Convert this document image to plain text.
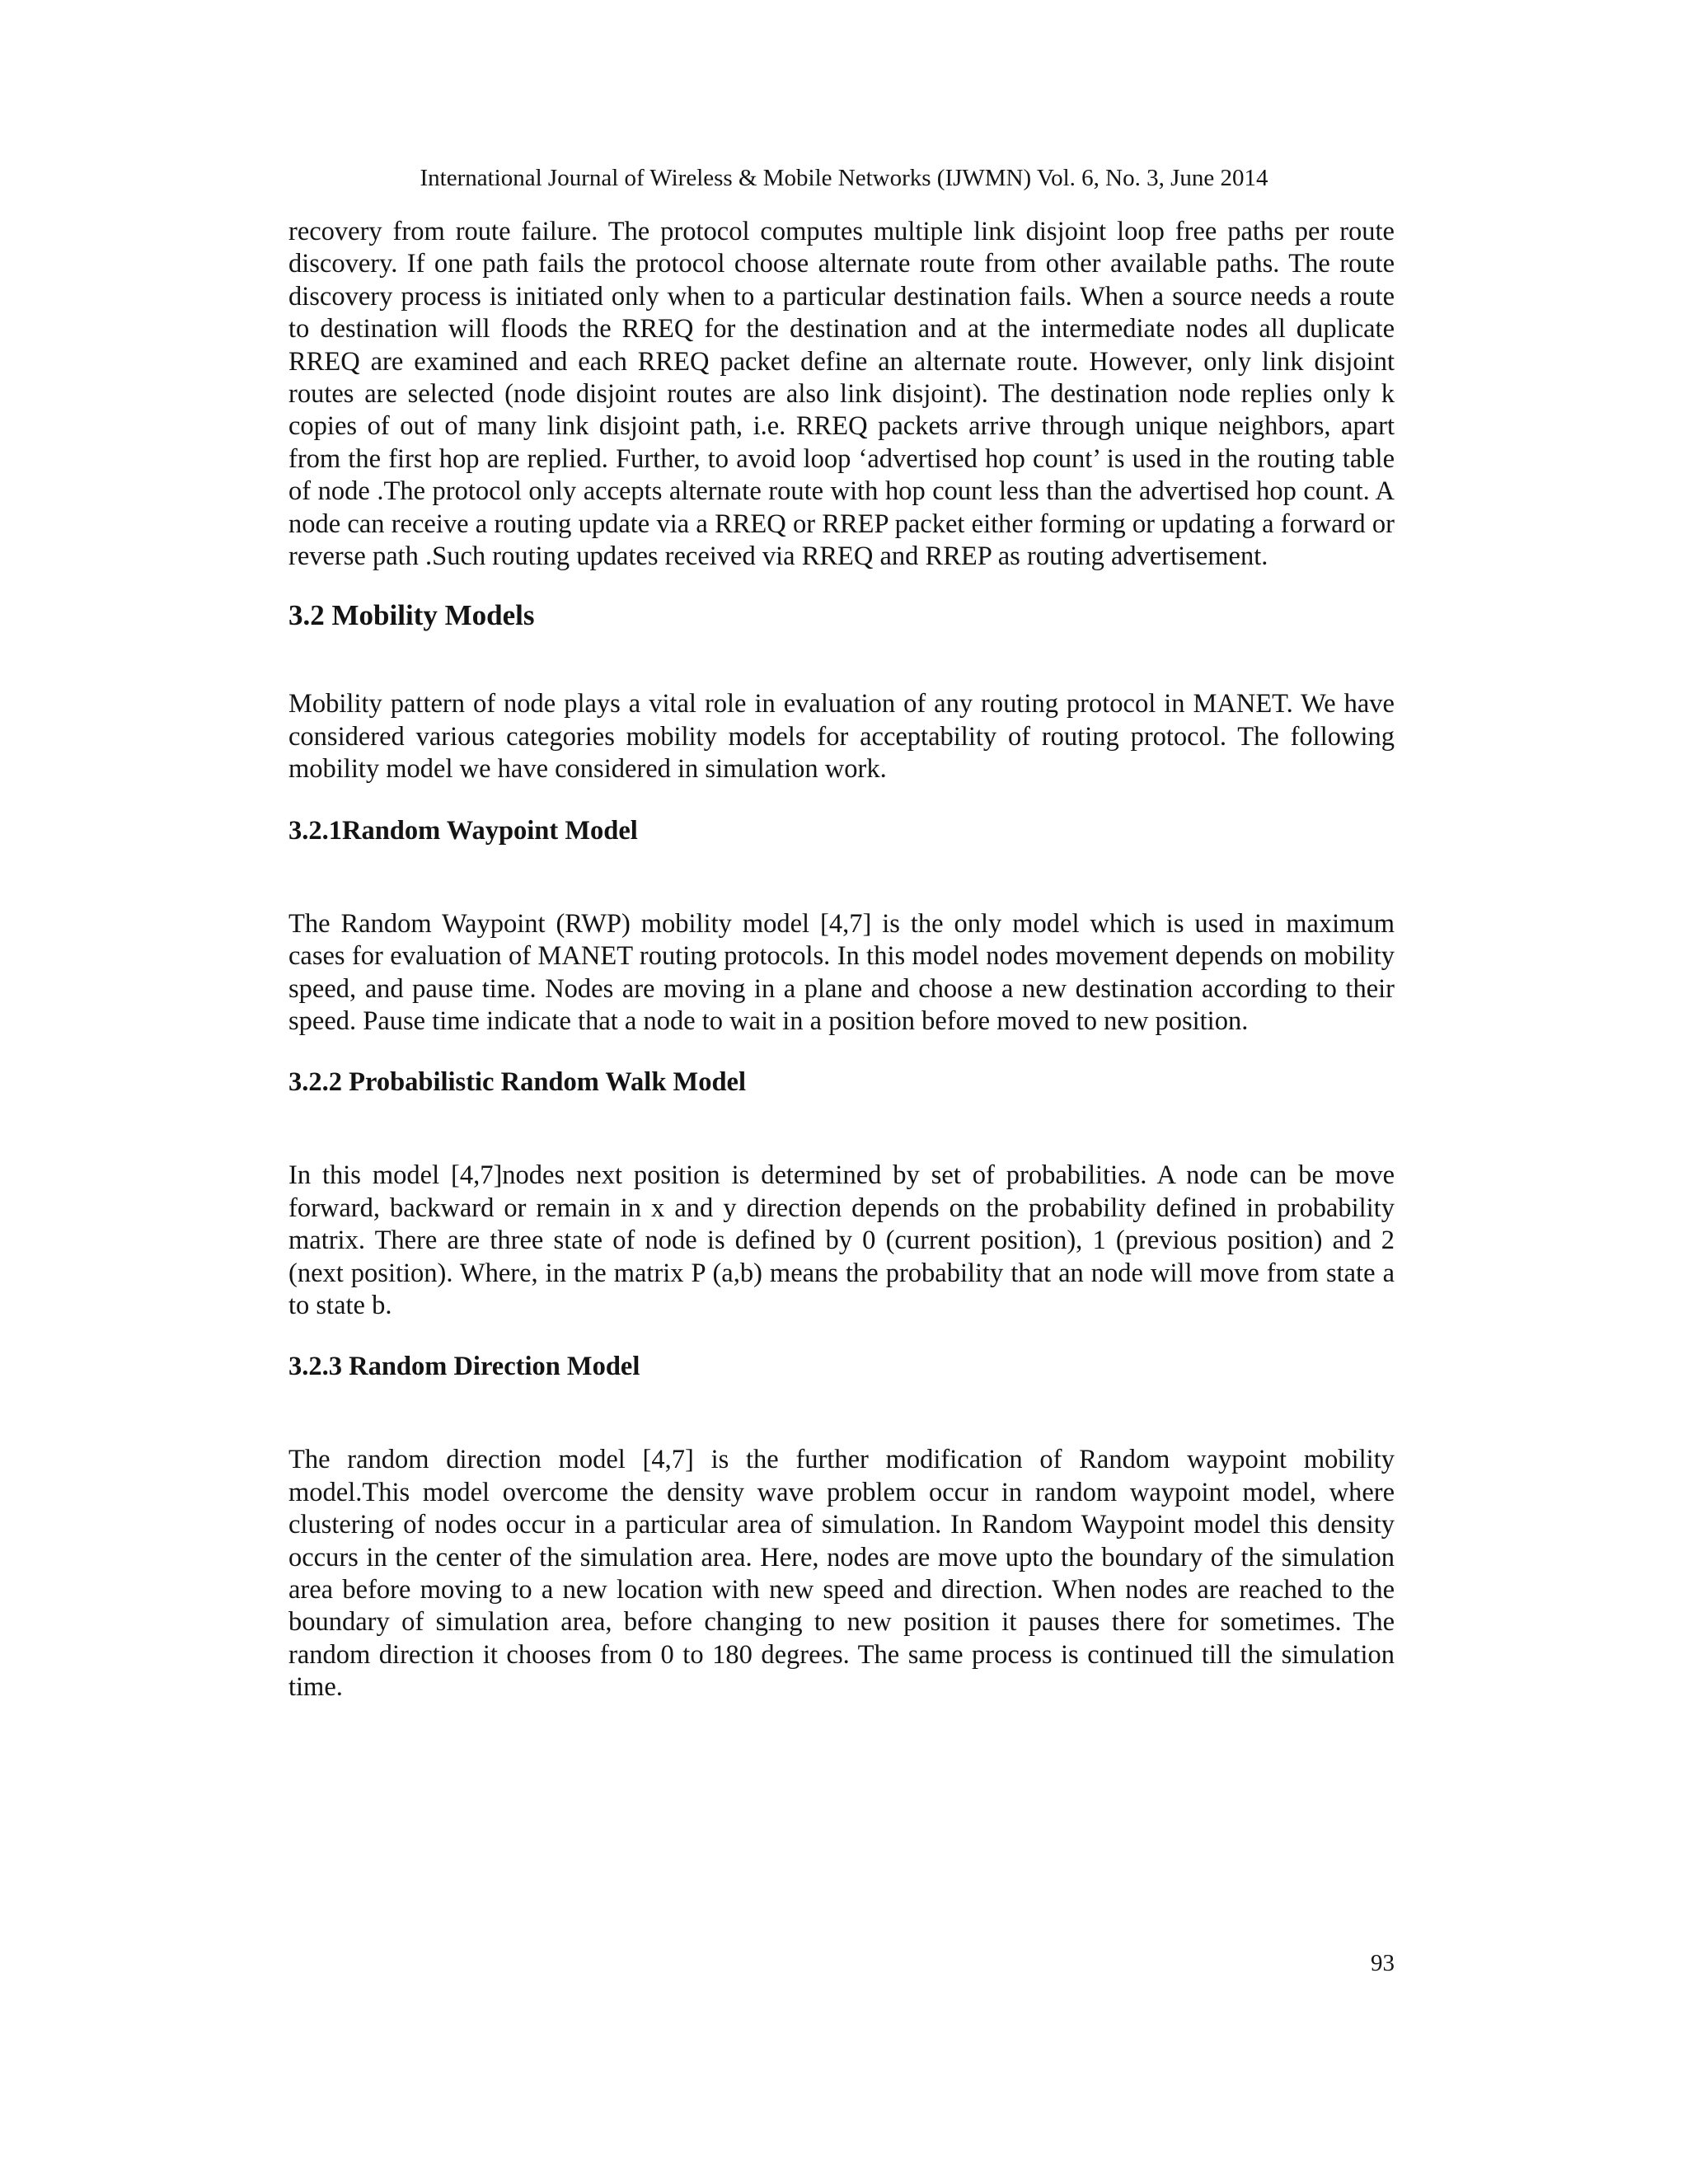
International Journal of Wireless & Mobile Networks (IJWMN) Vol. 6, No. 3, June 2014

recovery from route failure. The protocol computes multiple link disjoint loop free paths per route discovery. If one path fails the protocol choose alternate route from other available paths. The route discovery process is initiated only when to a particular destination fails. When a source needs a route to destination will floods the RREQ for the destination and at the intermediate nodes all duplicate RREQ are examined and each RREQ packet define an alternate route. However, only link disjoint routes are selected (node disjoint routes are also link disjoint). The destination node replies only k copies of out of many link disjoint path, i.e. RREQ packets arrive through unique neighbors, apart from the first hop are replied. Further, to avoid loop ‘advertised hop count’ is used in the routing table of node .The protocol only accepts alternate route with hop count less than the advertised hop count. A node can receive a routing update via a RREQ or RREP packet either forming or updating a forward or reverse path .Such routing updates received via RREQ and RREP as routing advertisement.

3.2 Mobility Models

Mobility pattern of node plays a vital role in evaluation of any routing protocol in MANET. We have considered various categories mobility models for acceptability of routing protocol. The following mobility model we have considered in simulation work.

3.2.1Random Waypoint Model

The Random Waypoint (RWP) mobility model [4,7] is the only model which is used in maximum cases for evaluation of MANET routing protocols. In this model nodes movement depends on mobility speed, and pause time. Nodes are moving in a plane and choose a new destination according to their speed. Pause time indicate that a node to wait in a position before moved to new position.

3.2.2 Probabilistic Random Walk Model

In this model [4,7]nodes next position is determined by set of probabilities. A node can be move forward, backward or remain in x and y direction depends on the probability defined in probability matrix. There are three state of node is defined by 0 (current position), 1 (previous position) and 2 (next position). Where, in the matrix P (a,b) means the probability that an node will move from state a to state b.

3.2.3 Random Direction Model

The random direction model [4,7] is the further modification of Random waypoint mobility model.This model overcome the density wave problem occur in random waypoint model, where clustering of nodes occur in a particular area of simulation. In Random Waypoint model this density occurs in the center of the simulation area. Here, nodes are move upto the boundary of the simulation area before moving to a new location with new speed and direction. When nodes are reached to the boundary of simulation area, before changing to new position it pauses there for sometimes. The random direction it chooses from 0 to 180 degrees. The same process is continued till the simulation time.

93
